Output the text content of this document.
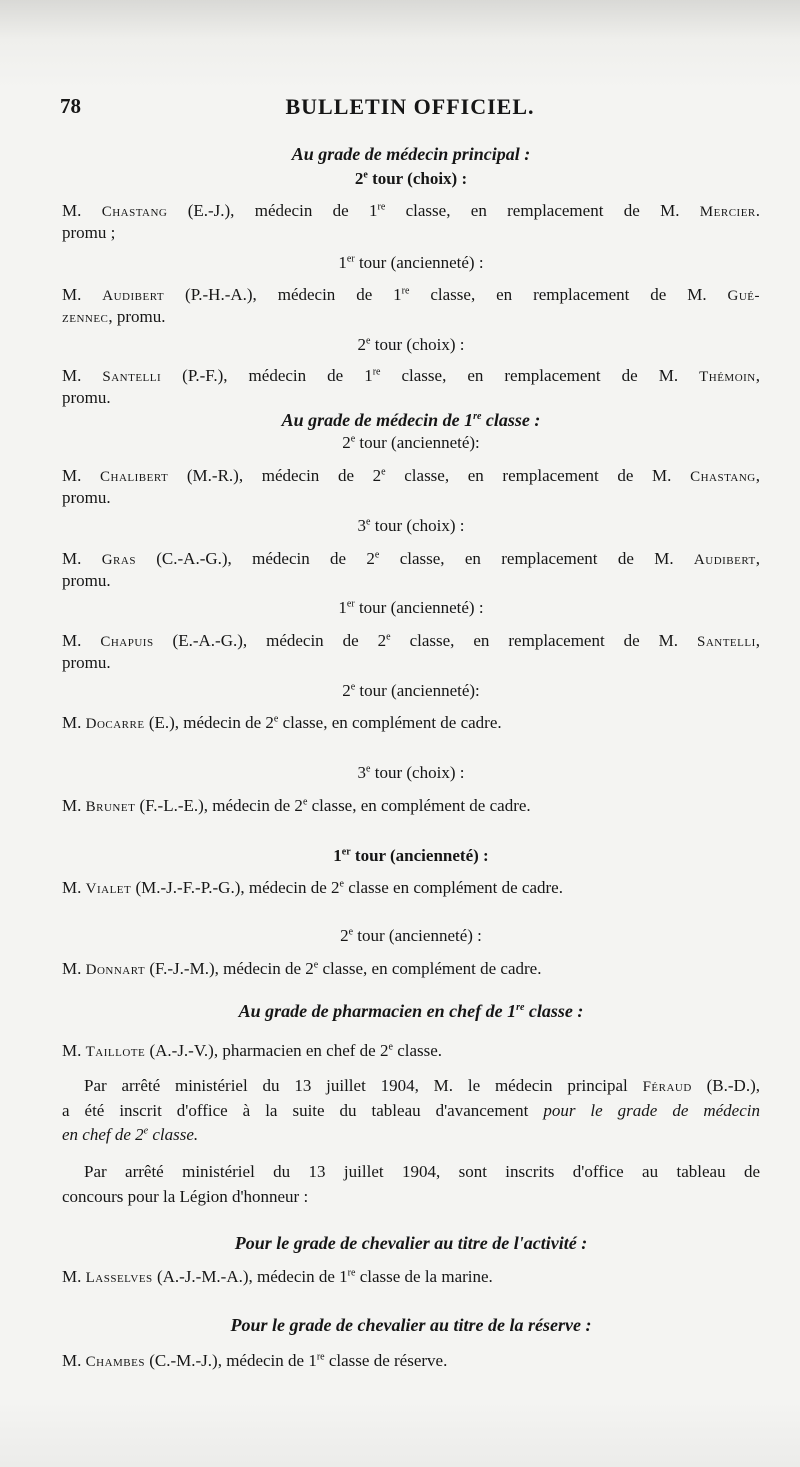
78	BULLETIN OFFICIEL.
Au grade de médecin principal :
2e tour (choix) :
M. Chastang (E.-J.), médecin de 1re classe, en remplacement de M. Mercier.
promu ;
1er tour (ancienneté) :
M. Audibert (P.-H.-A.), médecin de 1re classe, en remplacement de M. Gué-
zennec, promu.
2e tour (choix) :
M. Santelli (P.-F.), médecin de 1re classe, en remplacement de M. Thémoin,
promu.
Au grade de médecin de 1re classe :
2e tour (ancienneté):
M. Chalibert (M.-R.), médecin de 2e classe, en remplacement de M. Chastang,
promu.
3e tour (choix) :
M. Gras (C.-A.-G.), médecin de 2e classe, en remplacement de M. Audibert,
promu.
1er tour (ancienneté) :
M. Chapuis (E.-A.-G.), médecin de 2e classe, en remplacement de M. Santelli,
promu.
2e tour (ancienneté):
M. Docarre (E.), médecin de 2e classe, en complément de cadre.
3e tour (choix) :
M. Brunet (F.-L.-E.), médecin de 2e classe, en complément de cadre.
1er tour (ancienneté) :
M. Vialet (M.-J.-F.-P.-G.), médecin de 2e classe en complément de cadre.
2e tour (ancienneté) :
M. Donnart (F.-J.-M.), médecin de 2e classe, en complément de cadre.
Au grade de pharmacien en chef de 1re classe :
M. Taillote (A.-J.-V.), pharmacien en chef de 2e classe.
Par arrêté ministériel du 13 juillet 1904, M. le médecin principal Féraud (B.-D.),
a été inscrit d'office à la suite du tableau d'avancement pour le grade de médecin
en chef de 2e classe.
Par arrêté ministériel du 13 juillet 1904, sont inscrits d'office au tableau de
concours pour la Légion d'honneur :
Pour le grade de chevalier au titre de l'activité :
M. Lasselves (A.-J.-M.-A.), médecin de 1re classe de la marine.
Pour le grade de chevalier au titre de la réserve :
M. Chambes (C.-M.-J.), médecin de 1re classe de réserve.
